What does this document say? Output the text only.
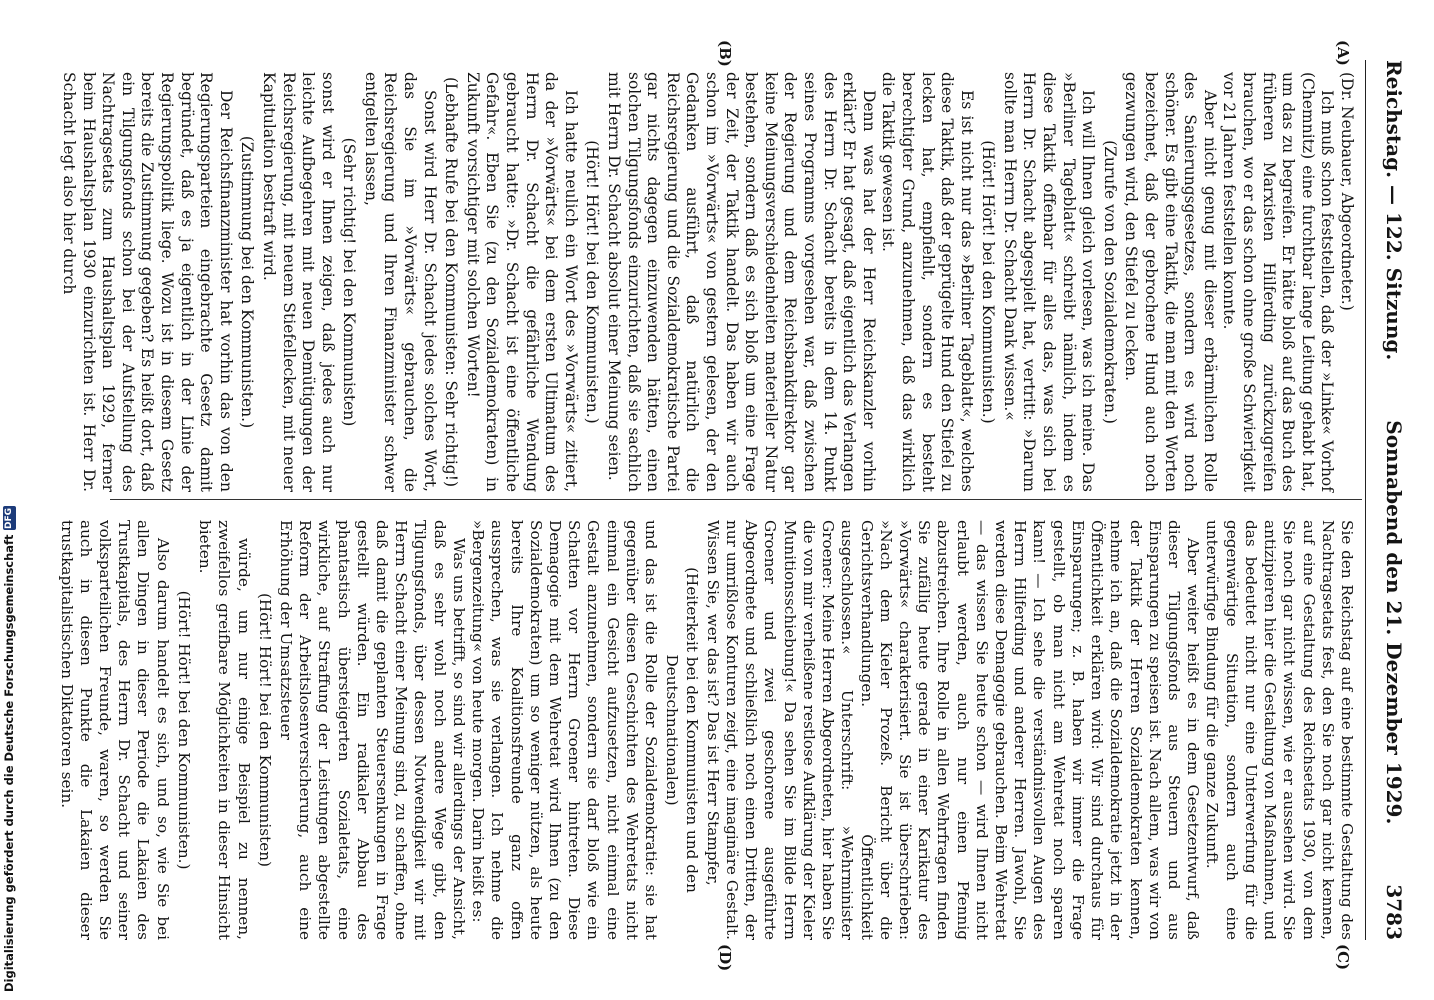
Reichstag. — 122. Sitzung.
Sonnabend den 21. Dezember 1929.
3783
(A)
(B)
(C)
(D)

(Dr. Neubauer, Abgeordneter.)

Ich muß schon feststellen, daß der »Linke« Vorhof (Chemnitz) eine furchtbar lange Leitung gehabt hat, um das zu begreifen. Er hätte bloß auf das Buch des früheren Marxisten Hilferding zurückzugreifen brauchen, wo er das schon ohne große Schwierigkeit vor 21 Jahren feststellen konnte.

Aber nicht genug mit dieser erbärmlichen Rolle des Sanierungsgesetzes, sondern es wird noch schöner. Es gibt eine Taktik, die man mit den Worten bezeichnet, daß der gebrochene Hund auch noch gezwungen wird, den Stiefel zu lecken.

(Zurufe von den Sozialdemokraten.)

Ich will Ihnen gleich vorlesen, was ich meine. Das »Berliner Tageblatt« schreibt nämlich, indem es diese Taktik offenbar für alles das, was sich bei Herrn Dr. Schacht abgespielt hat, vertritt: »Darum sollte man Herrn Dr. Schacht Dank wissen.«

(Hört! Hört! bei den Kommunisten.)

Es ist nicht nur das »Berliner Tageblatt«, welches diese Taktik, daß der geprügelte Hund den Stiefel zu lecken hat, empfiehlt, sondern es besteht berechtigter Grund, anzunehmen, daß das wirklich die Taktik gewesen ist.

Denn was hat der Herr Reichskanzler vorhin erklärt? Er hat gesagt, daß eigentlich das Verlangen des Herrn Dr. Schacht bereits in dem 14. Punkt seines Programms vorgesehen war, daß zwischen der Regierung und dem Reichsbankdirektor gar keine Meinungsverschiedenheiten materieller Natur bestehen, sondern daß es sich bloß um eine Frage der Zeit, der Taktik handelt. Das haben wir auch schon im »Vorwärts« von gestern gelesen, der den Gedanken ausführt, daß natürlich die Reichsregierung und die Sozialdemokratische Partei gar nichts dagegen einzuwenden hätten, einen solchen Tilgungsfonds einzurichten, daß sie sachlich mit Herrn Dr. Schacht absolut einer Meinung seien.

(Hört! Hört! bei den Kommunisten.)

Ich hatte neulich ein Wort des »Vorwärts« zitiert, da der »Vorwärts« bei dem ersten Ultimatum des Herrn Dr. Schacht die gefährliche Wendung gebraucht hatte: »Dr. Schacht ist eine öffentliche Gefahr«. Eben Sie (zu den Sozialdemokraten) in Zukunft vorsichtiger mit solchen Worten!

(Lebhafte Rufe bei den Kommunisten: Sehr richtig!)

Sonst wird Herr Dr. Schacht jedes solches Wort, das Sie im »Vorwärts« gebrauchen, die Reichsregierung und Ihren Finanzminister schwer entgelten lassen,

(Sehr richtig! bei den Kommunisten)

sonst wird er Ihnen zeigen, daß jedes auch nur leichte Aufbegehren mit neuen Demütigungen der Reichsregierung, mit neuem Stiefellecken, mit neuer Kapitulation bestraft wird.

(Zustimmung bei den Kommunisten.)

Der Reichsfinanzminister hat vorhin das von den Regierungsparteien eingebrachte Gesetz damit begründet, daß es ja eigentlich in der Linie der Regierungspolitik liege. Wozu ist in diesem Gesetz bereits die Zustimmung gegeben? Es heißt dort, daß ein Tilgungsfonds schon bei der Aufstellung des Nachtragsetats zum Haushaltsplan 1929, ferner beim Haushaltsplan 1930 einzurichten ist. Herr Dr. Schacht legt also hier durch

Sie den Reichstag auf eine bestimmte Gestaltung des Nachtragsetats fest, den Sie noch gar nicht kennen, auf eine Gestaltung des Reichsetats 1930, von dem Sie noch gar nicht wissen, wie er aussehen wird. Sie antizipieren hier die Gestaltung von Maßnahmen, und das bedeutet nicht nur eine Unterwerfung für die gegenwärtige Situation, sondern auch eine unterwürfige Bindung für die ganze Zukunft.

Aber weiter heißt es in dem Gesetzentwurf, daß dieser Tilgungsfonds aus Steuern und aus Einsparungen zu speisen ist. Nach allem, was wir von der Taktik der Herren Sozialdemokraten kennen, nehme ich an, daß die Sozialdemokratie jetzt in der Öffentlichkeit erklären wird: Wir sind durchaus für Einsparungen; z. B. haben wir immer die Frage gestellt, ob man nicht am Wehretat noch sparen kann! — Ich sehe die verständnisvollen Augen des Herrn Hilferding und anderer Herren. Jawohl, Sie werden diese Demagogie gebrauchen. Beim Wehretat — das wissen Sie heute schon — wird Ihnen nicht erlaubt werden, auch nur einen Pfennig abzustreichen. Ihre Rolle in allen Wehrfragen finden Sie zufällig heute gerade in einer Karikatur des »Vorwärts« charakterisiert. Sie ist überschrieben: »Nach dem Kieler Prozeß. Bericht über die Gerichtsverhandlungen. Öffentlichkeit ausgeschlossen.« Unterschrift: »Wehrminister Groener: Meine Herren Abgeordneten, hier haben Sie die von mir verheißene restlose Aufklärung der Kieler Munitionsschiebung!« Da sehen Sie im Bilde Herrn Groener und zwei geschorene ausgeführte Abgeordnete und schließlich noch einen Dritten, der nur umrißlose Konturen zeigt, eine imaginäre Gestalt. Wissen Sie, wer das ist? Das ist Herr Stampfer,

(Heiterkeit bei den Kommunisten und den Deutschnationalen)

und das ist die Rolle der Sozialdemokratie: sie hat gegenüber diesen Geschichten des Wehretats nicht einmal ein Gesicht aufzusetzen, nicht einmal eine Gestalt anzunehmen, sondern sie darf bloß wie ein Schatten vor Herrn Groener hintreten. Diese Demagogie mit dem Wehretat wird Ihnen (zu den Sozialdemokraten) um so weniger nützen, als heute bereits Ihre Koalitionsfreunde ganz offen aussprechen, was sie verlangen. Ich nehme die »Bergenzeitung« von heute morgen. Darin heißt es:

Was uns betrifft, so sind wir allerdings der Ansicht, daß es sehr wohl noch andere Wege gibt, den Tilgungsfonds, über dessen Notwendigkeit wir mit Herrn Schacht einer Meinung sind, zu schaffen, ohne daß damit die geplanten Steuersenkungen in Frage gestellt würden. Ein radikaler Abbau des phantastisch übersteigerten Sozialetats, eine wirkliche, auf Straffung der Leistungen abgestellte Reform der Arbeitslosenversicherung, auch eine Erhöhung der Umsatzsteuer

(Hört! Hört! bei den Kommunisten)

würde, um nur einige Beispiel zu nennen, zweifellos greifbare Möglichkeiten in dieser Hinsicht bieten.

(Hört! Hört! bei den Kommunisten.)

Also darum handelt es sich, und so, wie Sie bei allen Dingen in dieser Periode die Lakaien des Trustkapitals, des Herrn Dr. Schacht und seiner volksparteilichen Freunde, waren, so werden Sie auch in diesen Punkte die Lakaien dieser trustkapitalistischen Diktatoren sein.

Digitalisierung gefördert durch die Deutsche Forschungsgemeinschaft
DFG
